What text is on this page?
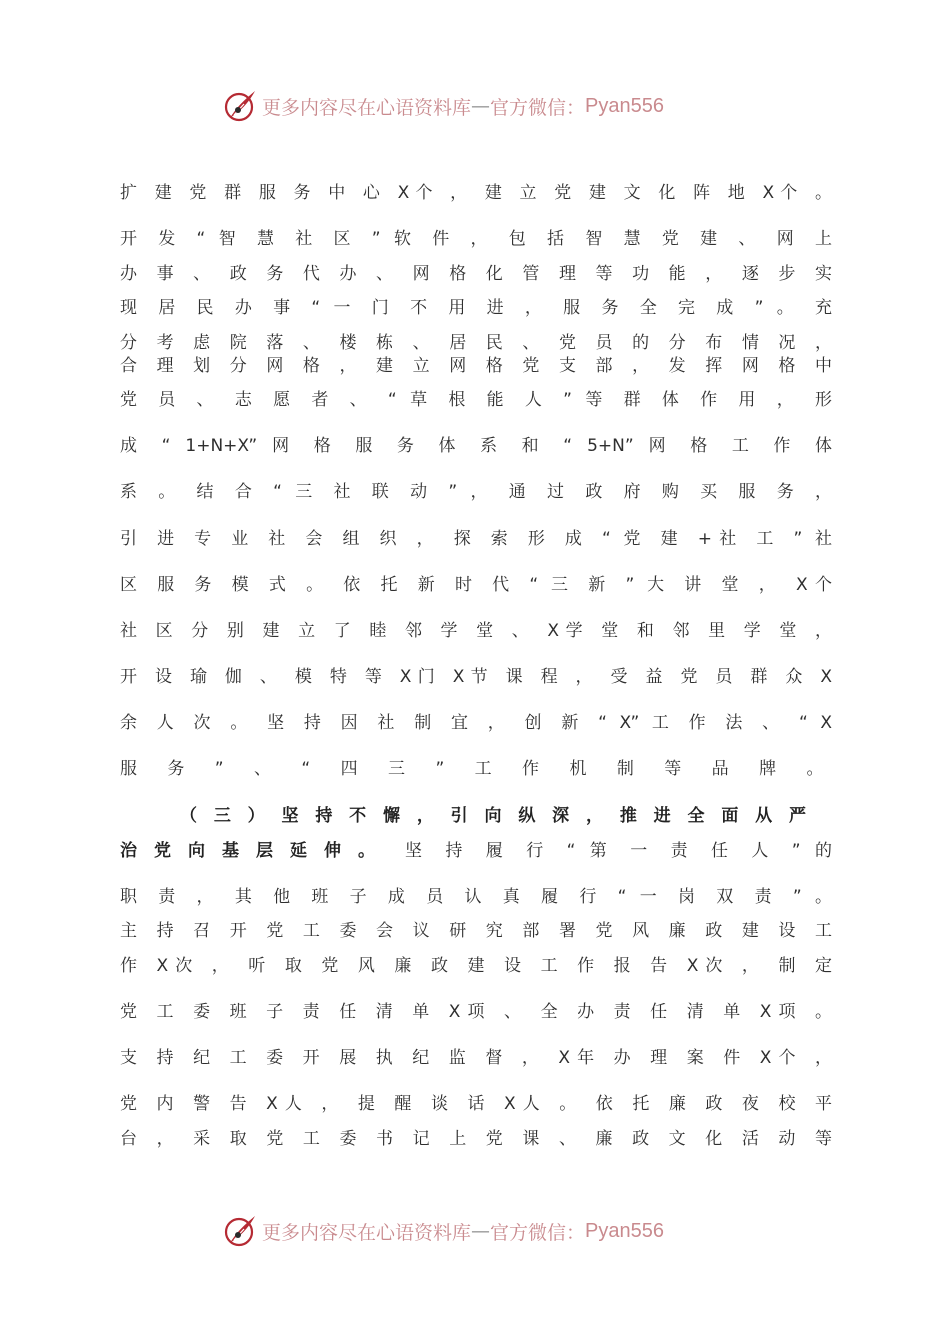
更多内容尽在心语资料库 — 官方微信： Pyan556
扩 建 党 群 服 务 中 心 X个 ， 建 立 党 建 文 化 阵 地 X个 。
开 发 “ 智 慧 社 区 ” 软 件 ， 包 括 智 慧 党 建 、 网 上
办 事 、 政 务 代 办 、 网 格 化 管 理 等 功 能 ， 逐 步 实
现 居 民 办 事 “ 一 门 不 用 进 ， 服 务 全 完 成 ” 。 充
分 考 虑 院 落 、 楼 栋 、 居 民 、 党 员 的 分 布 情 况 ，
合 理 划 分 网 格 ， 建 立 网 格 党 支 部 ， 发 挥 网 格 中
党 员 、 志 愿 者 、 “ 草 根 能 人 ” 等 群 体 作 用 ， 形
成 “ 1+N+X” 网 格 服 务 体 系 和 “ 5+N” 网 格 工 作 体
系 。 结 合 “ 三 社 联 动 ” ， 通 过 政 府 购 买 服 务 ，
引 进 专 业 社 会 组 织 ， 探 索 形 成 “ 党 建 +社 工 ” 社
区 服 务 模 式 。 依 托 新 时 代 “ 三 新 ” 大 讲 堂 ， X个
社 区 分 别 建 立 了 睦 邻 学 堂 、 X学 堂 和 邻 里 学 堂 ，
开 设 瑜 伽 、 模 特 等 X门 X节 课 程 ， 受 益 党 员 群 众 X
余 人 次 。 坚 持 因 社 制 宜 ， 创 新 “ X” 工 作 法 、 “ X
服 务 ” 、 “ 四 三 ” 工 作 机 制 等 品 牌 。
（ 三 ） 坚 持 不 懈 ， 引 向 纵 深 ， 推 进 全 面 从 严
治 党 向 基 层 延 伸 。 坚 持 履 行 “ 第 一 责 任 人 ” 的
职 责 ， 其 他 班 子 成 员 认 真 履 行 “ 一 岗 双 责 ” 。
主 持 召 开 党 工 委 会 议 研 究 部 署 党 风 廉 政 建 设 工
作 X次 ， 听 取 党 风 廉 政 建 设 工 作 报 告 X次 ， 制 定
党 工 委 班 子 责 任 清 单 X项 、 全 办 责 任 清 单 X项 。
支 持 纪 工 委 开 展 执 纪 监 督 ， X年 办 理 案 件 X个 ，
党 内 警 告 X人 ， 提 醒 谈 话 X人 。 依 托 廉 政 夜 校 平
台 ， 采 取 党 工 委 书 记 上 党 课 、 廉 政 文 化 活 动 等
更多内容尽在心语资料库 — 官方微信： Pyan556
